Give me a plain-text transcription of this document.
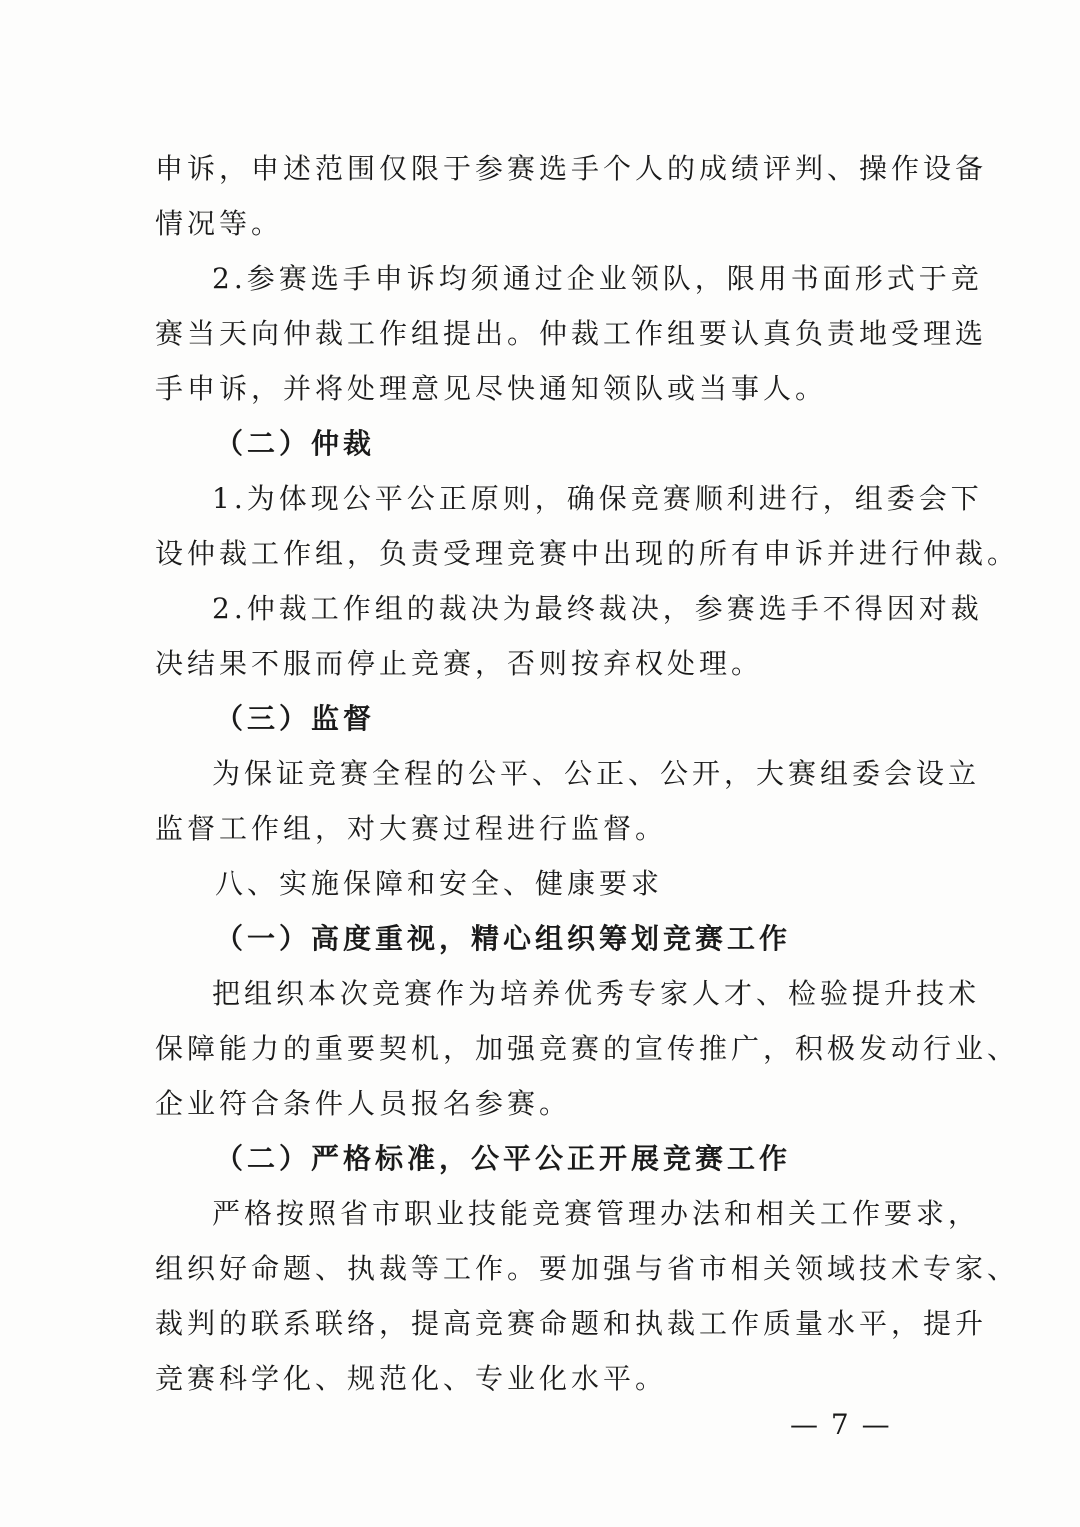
申诉，申述范围仅限于参赛选手个人的成绩评判、操作设备
情况等。
2.参赛选手申诉均须通过企业领队，限用书面形式于竞
赛当天向仲裁工作组提出。仲裁工作组要认真负责地受理选
手申诉，并将处理意见尽快通知领队或当事人。
（二）仲裁
1.为体现公平公正原则，确保竞赛顺利进行，组委会下
设仲裁工作组，负责受理竞赛中出现的所有申诉并进行仲裁。
2.仲裁工作组的裁决为最终裁决，参赛选手不得因对裁
决结果不服而停止竞赛，否则按弃权处理。
（三）监督
为保证竞赛全程的公平、公正、公开，大赛组委会设立
监督工作组，对大赛过程进行监督。
八、实施保障和安全、健康要求
（一）高度重视，精心组织筹划竞赛工作
把组织本次竞赛作为培养优秀专家人才、检验提升技术
保障能力的重要契机，加强竞赛的宣传推广，积极发动行业、
企业符合条件人员报名参赛。
（二）严格标准，公平公正开展竞赛工作
严格按照省市职业技能竞赛管理办法和相关工作要求，
组织好命题、执裁等工作。要加强与省市相关领域技术专家、
裁判的联系联络，提高竞赛命题和执裁工作质量水平，提升
竞赛科学化、规范化、专业化水平。
— 7 —
